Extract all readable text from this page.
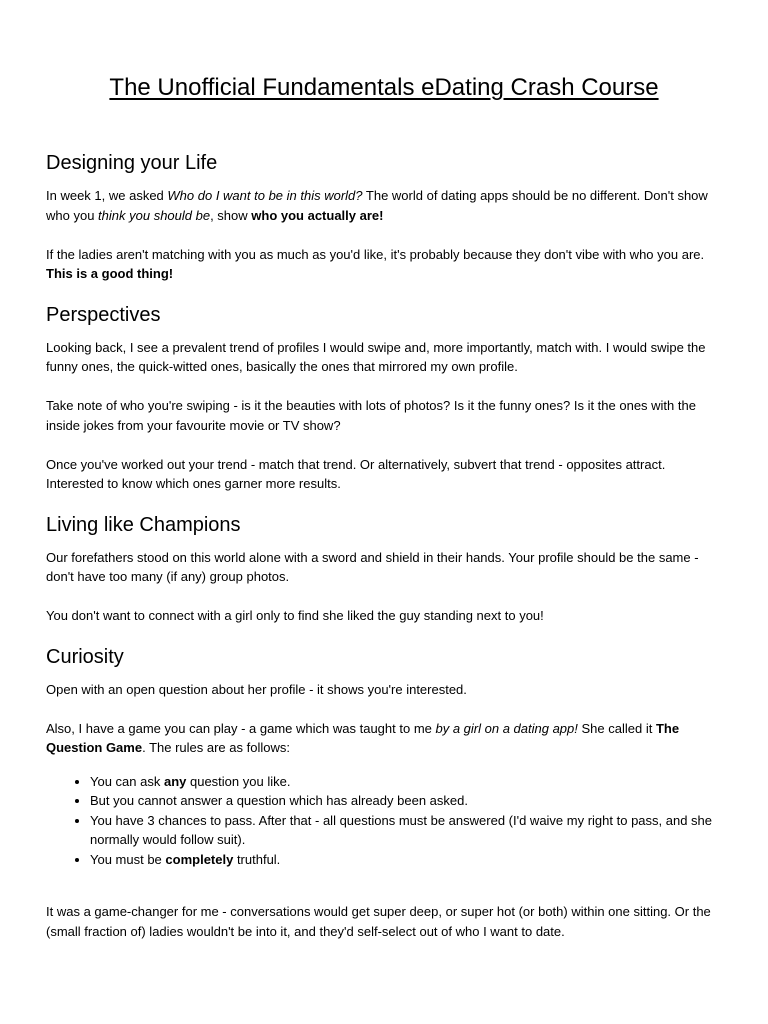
The Unofficial Fundamentals eDating Crash Course
Designing your Life

In week 1, we asked Who do I want to be in this world? The world of dating apps should be no different. Don't show who you think you should be, show who you actually are!

If the ladies aren't matching with you as much as you'd like, it's probably because they don't vibe with who you are. This is a good thing!

Perspectives

Looking back, I see a prevalent trend of profiles I would swipe and, more importantly, match with. I would swipe the funny ones, the quick-witted ones, basically the ones that mirrored my own profile.

Take note of who you're swiping - is it the beauties with lots of photos? Is it the funny ones? Is it the ones with the inside jokes from your favourite movie or TV show?

Once you've worked out your trend - match that trend. Or alternatively, subvert that trend - opposites attract. Interested to know which ones garner more results.

Living like Champions

Our forefathers stood on this world alone with a sword and shield in their hands. Your profile should be the same - don't have too many (if any) group photos.

You don't want to connect with a girl only to find she liked the guy standing next to you!

Curiosity

Open with an open question about her profile - it shows you're interested.

Also, I have a game you can play - a game which was taught to me by a girl on a dating app! She called it The Question Game. The rules are as follows:

• You can ask any question you like.
• But you cannot answer a question which has already been asked.
• You have 3 chances to pass. After that - all questions must be answered (I'd waive my right to pass, and she normally would follow suit).
• You must be completely truthful.

It was a game-changer for me - conversations would get super deep, or super hot (or both) within one sitting. Or the (small fraction of) ladies wouldn't be into it, and they'd self-select out of who I want to date.
